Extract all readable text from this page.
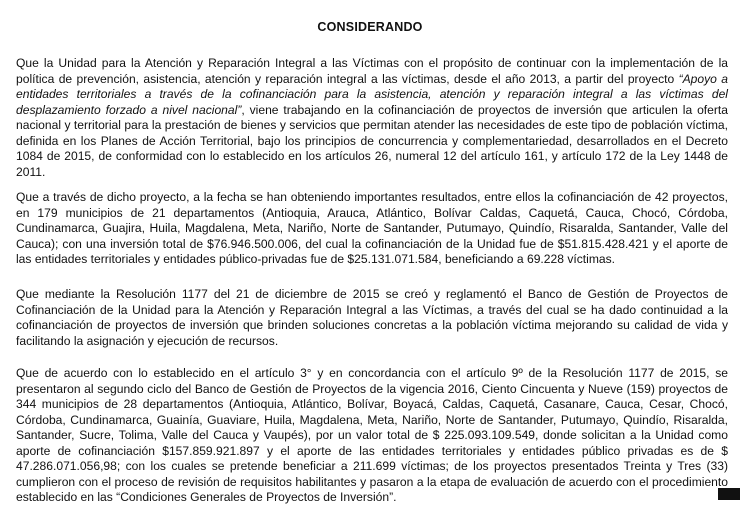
CONSIDERANDO

Que la Unidad para la Atención y Reparación Integral a las Víctimas con el propósito de continuar con la implementación de la política de prevención, asistencia, atención y reparación integral a las víctimas, desde el año 2013, a partir del proyecto “Apoyo a entidades territoriales a través de la cofinanciación para la asistencia, atención y reparación integral a las víctimas del desplazamiento forzado a nivel nacional”, viene trabajando en la cofinanciación de proyectos de inversión que articulen la oferta nacional y territorial para la prestación de bienes y servicios que permitan atender las necesidades de este tipo de población víctima, definida en los Planes de Acción Territorial, bajo los principios de concurrencia y complementariedad, desarrollados en el Decreto 1084 de 2015, de conformidad con lo establecido en los artículos 26, numeral 12 del artículo 161, y artículo 172 de la Ley 1448 de 2011.

Que a través de dicho proyecto, a la fecha se han obteniendo importantes resultados, entre ellos la cofinanciación de 42 proyectos, en 179 municipios de 21 departamentos (Antioquia, Arauca, Atlántico, Bolívar Caldas, Caquetá, Cauca, Chocó, Córdoba, Cundinamarca, Guajira, Huila, Magdalena, Meta, Nariño, Norte de Santander, Putumayo, Quindío, Risaralda, Santander, Valle del Cauca); con una inversión total de $76.946.500.006, del cual la cofinanciación de la Unidad fue de $51.815.428.421 y el aporte de las entidades territoriales y entidades público-privadas fue de $25.131.071.584, beneficiando a 69.228 víctimas.

Que mediante la Resolución 1177 del 21 de diciembre de 2015 se creó y reglamentó el Banco de Gestión de Proyectos de Cofinanciación de la Unidad para la Atención y Reparación Integral a las Víctimas, a través del cual se ha dado continuidad a la cofinanciación de proyectos de inversión que brinden soluciones concretas a la población víctima mejorando su calidad de vida y facilitando la asignación y ejecución de recursos.

Que de acuerdo con lo establecido en el artículo 3° y en concordancia con el artículo 9º de la Resolución 1177 de 2015, se presentaron al segundo ciclo del Banco de Gestión de Proyectos de la vigencia 2016, Ciento Cincuenta y Nueve (159) proyectos de 344 municipios de 28 departamentos (Antioquia, Atlántico, Bolívar, Boyacá, Caldas, Caquetá, Casanare, Cauca, Cesar, Chocó, Córdoba, Cundinamarca, Guainía, Guaviare, Huila, Magdalena, Meta, Nariño, Norte de Santander, Putumayo, Quindío, Risaralda, Santander, Sucre, Tolima, Valle del Cauca y Vaupés), por un valor total de $ 225.093.109.549, donde solicitan a la Unidad como aporte de cofinanciación $157.859.921.897 y el aporte de las entidades territoriales y entidades público privadas es de $ 47.286.071.056,98; con los cuales se pretende beneficiar a 211.699 víctimas; de los proyectos presentados Treinta y Tres (33) cumplieron con el proceso de revisión de requisitos habilitantes y pasaron a la etapa de evaluación de acuerdo con el procedimiento establecido en las “Condiciones Generales de Proyectos de Inversión”.
